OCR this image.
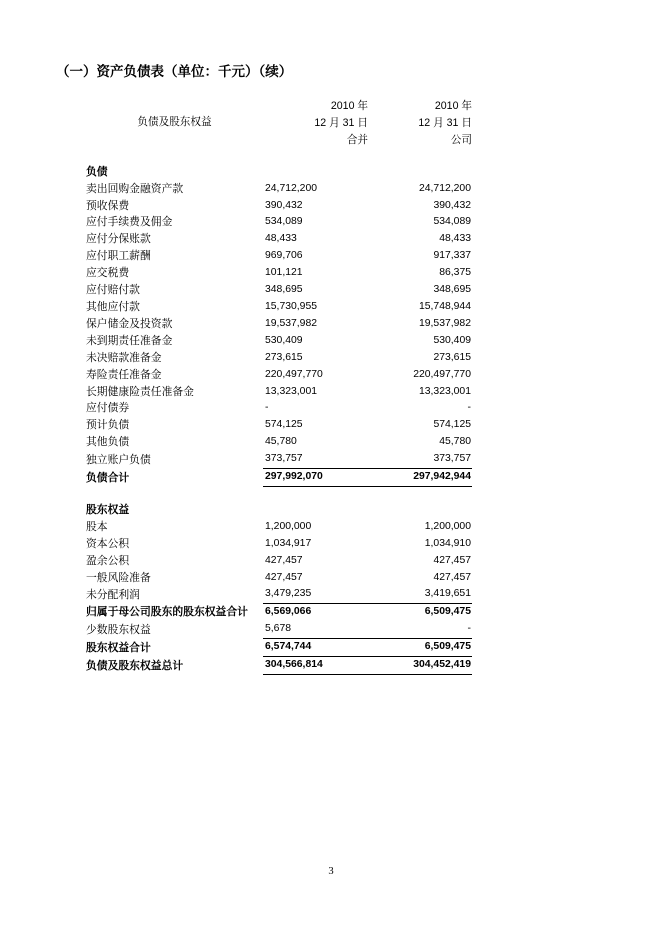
（一）资产负债表（单位：千元）（续）
	2010 年	2010 年
负债及股东权益	12 月 31 日	12 月 31 日
	合并	公司

负债		
卖出回购金融资产款	24,712,200	24,712,200
预收保费	390,432	390,432
应付手续费及佣金	534,089	534,089
应付分保账款	48,433	48,433
应付职工薪酬	969,706	917,337
应交税费	101,121	86,375
应付赔付款	348,695	348,695
其他应付款	15,730,955	15,748,944
保户储金及投资款	19,537,982	19,537,982
未到期责任准备金	530,409	530,409
未决赔款准备金	273,615	273,615
寿险责任准备金	220,497,770	220,497,770
长期健康险责任准备金	13,323,001	13,323,001
应付债券	-	-
预计负债	574,125	574,125
其他负债	45,780	45,780
独立账户负债	373,757	373,757
负债合计	297,992,070	297,942,944

股东权益		
股本	1,200,000	1,200,000
资本公积	1,034,917	1,034,910
盈余公积	427,457	427,457
一般风险准备	427,457	427,457
未分配利润	3,479,235	3,419,651
归属于母公司股东的股东权益合计	6,569,066	6,509,475
少数股东权益	5,678	-
股东权益合计	6,574,744	6,509,475
负债及股东权益总计	304,566,814	304,452,419
3
